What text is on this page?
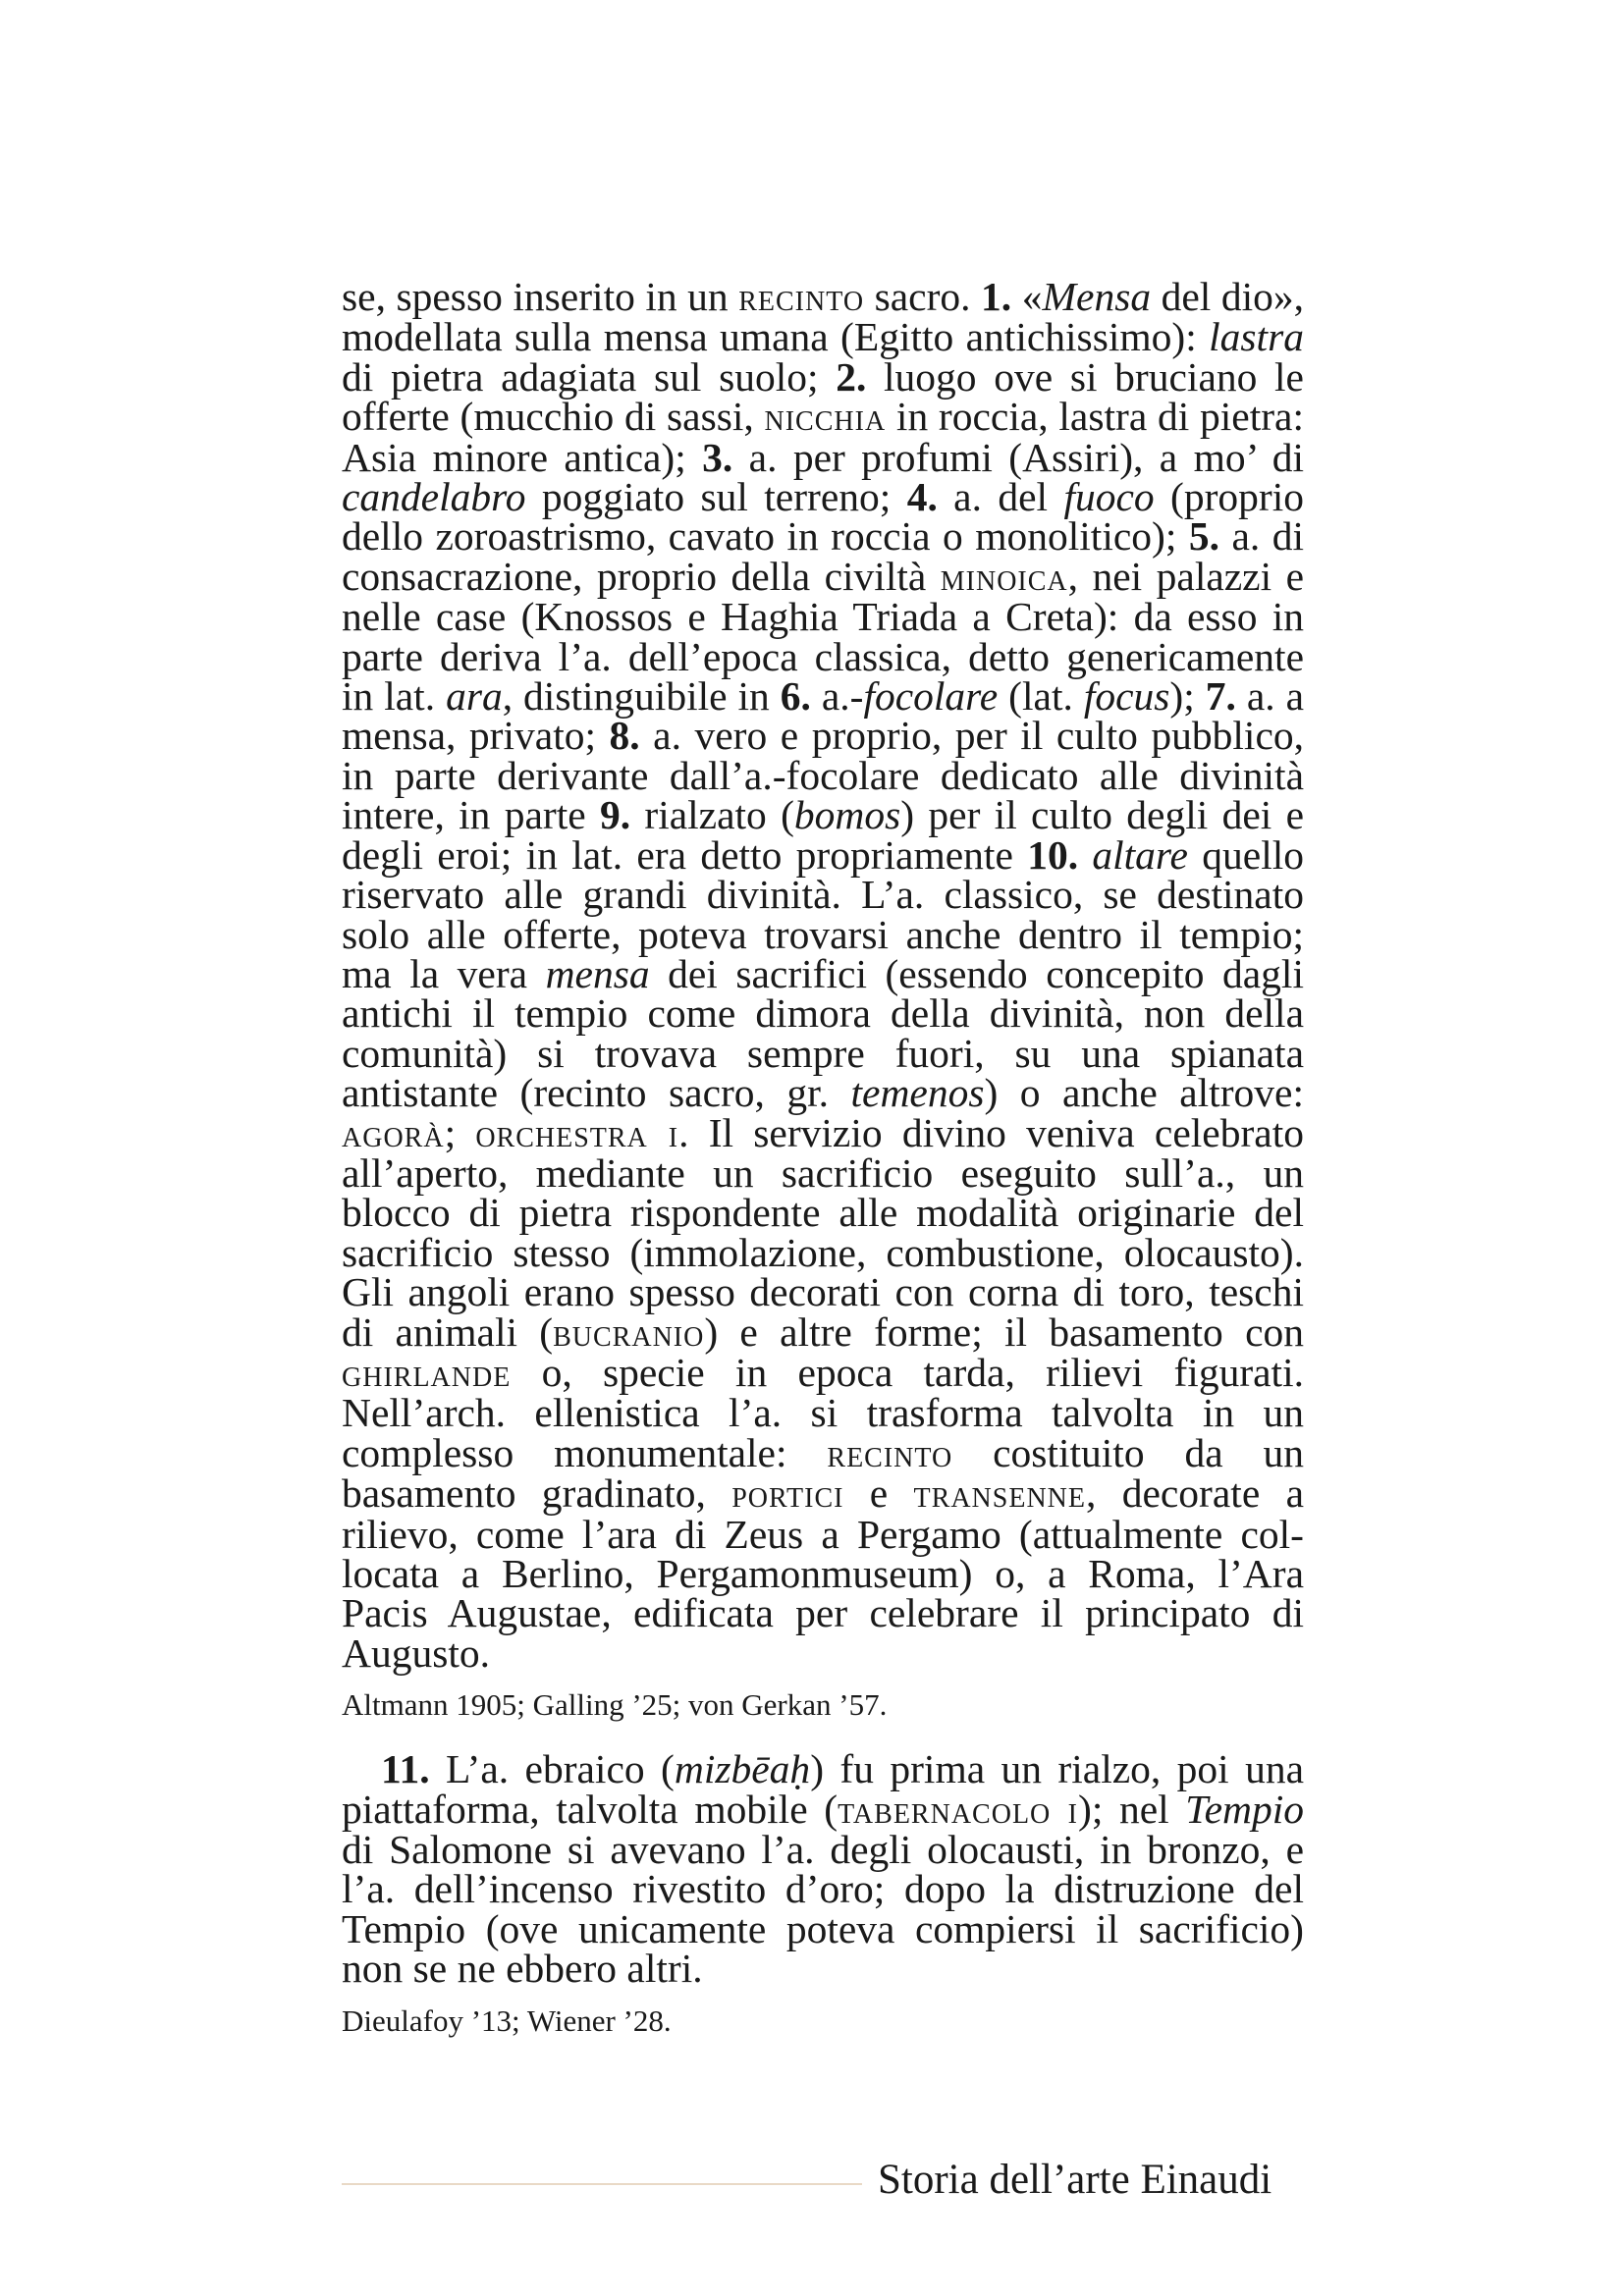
se, spesso inserito in un recinto sacro. 1. «Mensa del dio», modellata sulla mensa umana (Egitto antichissimo): lastra di pietra adagiata sul suolo; 2. luogo ove si bruciano le offerte (mucchio di sassi, nicchia in roccia, lastra di pietra: Asia minore antica); 3. a. per profumi (Assiri), a mo’ di candelabro poggiato sul terreno; 4. a. del fuoco (proprio dello zoroastrismo, cavato in roccia o monolitico); 5. a. di consacrazione, proprio della civiltà minoica, nei palazzi e nelle case (Knossos e Haghia Triada a Creta): da esso in parte deriva l’a. dell’epoca classica, detto genericamente in lat. ara, distinguibile in 6. a.-focolare (lat. focus); 7. a. a mensa, privato; 8. a. vero e proprio, per il culto pubblico, in parte derivante dall’a.-focolare dedicato alle divinità intere, in parte 9. rialzato (bomos) per il culto degli dei e degli eroi; in lat. era detto propriamente 10. altare quello riservato alle grandi divinità. L’a. classico, se destinato solo alle offerte, poteva trovarsi anche dentro il tempio; ma la vera mensa dei sacrifici (essendo concepito dagli antichi il tempio come dimora della divinità, non della comunità) si trovava sempre fuori, su una spianata antistante (recinto sacro, gr. temenos) o anche altrove: agorà; orchestra i. Il servizio divino veniva celebrato all’aperto, mediante un sacrificio eseguito sull’a., un blocco di pietra rispondente alle modalità originarie del sacrificio stesso (immolazione, combustione, olocausto). Gli angoli erano spesso decorati con corna di toro, teschi di animali (bucranio) e altre forme; il basamento con ghirlande o, specie in epoca tarda, rilievi figurati. Nell’arch. ellenistica l’a. si trasforma talvolta in un complesso monumentale: recinto costituito da un basamento gradinato, portici e transenne, decorate a rilievo, come l’ara di Zeus a Pergamo (attualmente collocata a Berlino, Pergamonmuseum) o, a Roma, l’Ara Pacis Augustae, edificata per celebrare il principato di Augusto.

Altmann 1905; Galling ’25; von Gerkan ’57.

11. L’a. ebraico (mizbēaḥ) fu prima un rialzo, poi una piattaforma, talvolta mobile (tabernacolo i); nel Tempio di Salomone si avevano l’a. degli olocausti, in bronzo, e l’a. dell’incenso rivestito d’oro; dopo la distruzione del Tempio (ove unicamente poteva compiersi il sacrificio) non se ne ebbero altri.

Dieulafoy ’13; Wiener ’28.

Storia dell’arte Einaudi
